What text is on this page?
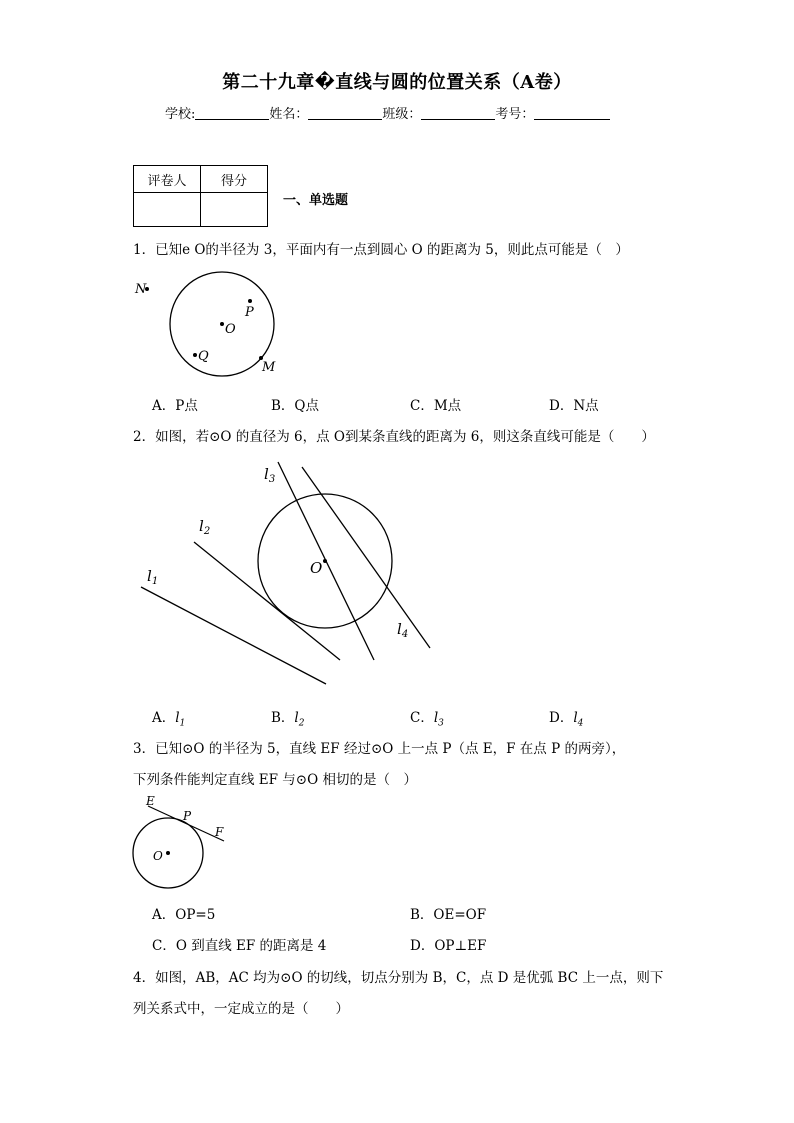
第二十九章�直线与圆的位置关系（A卷）
学校:	姓名：	班级：	考号：
评卷人	得分

一、单选题
1．已知e O的半径为 3，平面内有一点到圆心 O 的距离为 5，则此点可能是（　）
N
P
O
Q
M
A．P点	B．Q点	C．M点	D．N点
2．如图，若⊙O 的直径为 6，点 O到某条直线的距离为 6，则这条直线可能是（　　）
$l_1$
$l_2$
$l_3$
$l_4$
O
A．$l_1$	B．$l_2$	C．$l_3$	D．$l_4$
3．已知⊙O 的半径为 5，直线 EF 经过⊙O 上一点 P（点 E，F 在点 P 的两旁），
下列条件能判定直线 EF 与⊙O 相切的是（　）
E
P
F
O
A．OP=5	B．OE=OF
C．O 到直线 EF 的距离是 4	D．OP⊥EF
4．如图，AB，AC 均为⊙O 的切线，切点分别为 B，C，点 D 是优弧 BC 上一点，则下
列关系式中，一定成立的是（　　）
